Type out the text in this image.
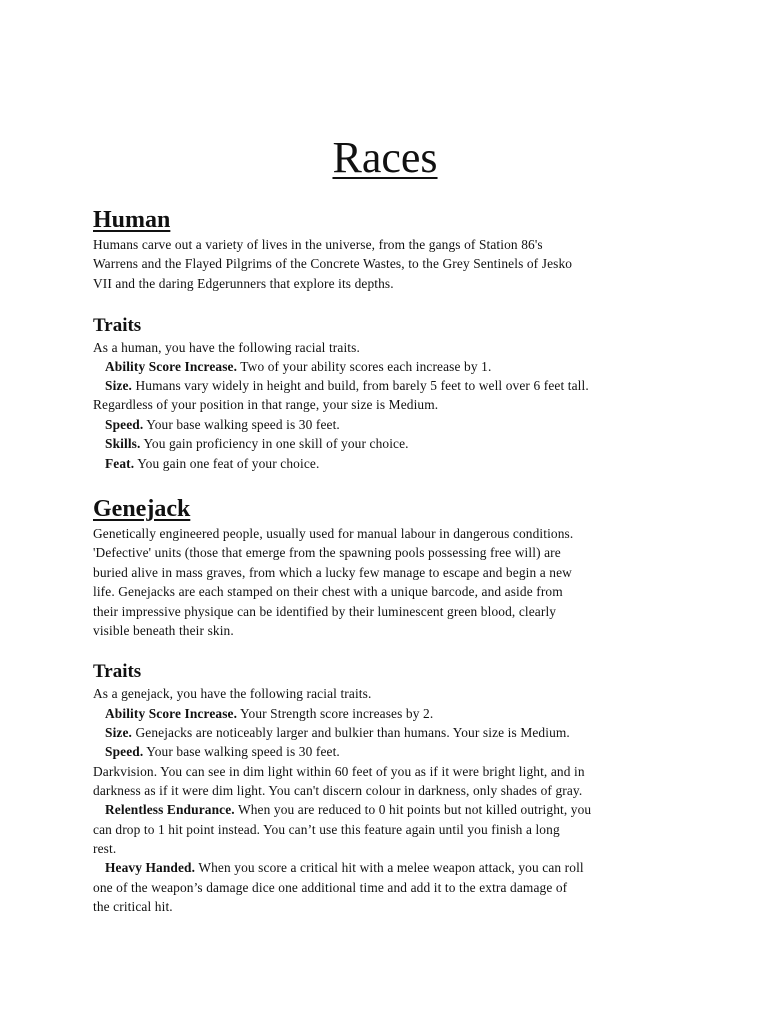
Races
Human

Humans carve out a variety of lives in the universe, from the gangs of Station 86's
Warrens and the Flayed Pilgrims of the Concrete Wastes, to the Grey Sentinels of Jesko
VII and the daring Edgerunners that explore its depths.

Traits

As a human, you have the following racial traits.

Ability Score Increase. Two of your ability scores each increase by 1.

Size. Humans vary widely in height and build, from barely 5 feet to well over 6 feet tall.

Regardless of your position in that range, your size is Medium.

Speed. Your base walking speed is 30 feet.

Skills. You gain proficiency in one skill of your choice.

Feat. You gain one feat of your choice.

Genejack

Genetically engineered people, usually used for manual labour in dangerous conditions.
'Defective' units (those that emerge from the spawning pools possessing free will) are
buried alive in mass graves, from which a lucky few manage to escape and begin a new
life. Genejacks are each stamped on their chest with a unique barcode, and aside from
their impressive physique can be identified by their luminescent green blood, clearly
visible beneath their skin.

Traits

As a genejack, you have the following racial traits.

Ability Score Increase. Your Strength score increases by 2.

Size. Genejacks are noticeably larger and bulkier than humans. Your size is Medium.

Speed. Your base walking speed is 30 feet.

Darkvision. You can see in dim light within 60 feet of you as if it were bright light, and in
darkness as if it were dim light. You can't discern colour in darkness, only shades of gray.

Relentless Endurance. When you are reduced to 0 hit points but not killed outright, you

can drop to 1 hit point instead. You can’t use this feature again until you finish a long
rest.

Heavy Handed. When you score a critical hit with a melee weapon attack, you can roll

one of the weapon’s damage dice one additional time and add it to the extra damage of
the critical hit.
